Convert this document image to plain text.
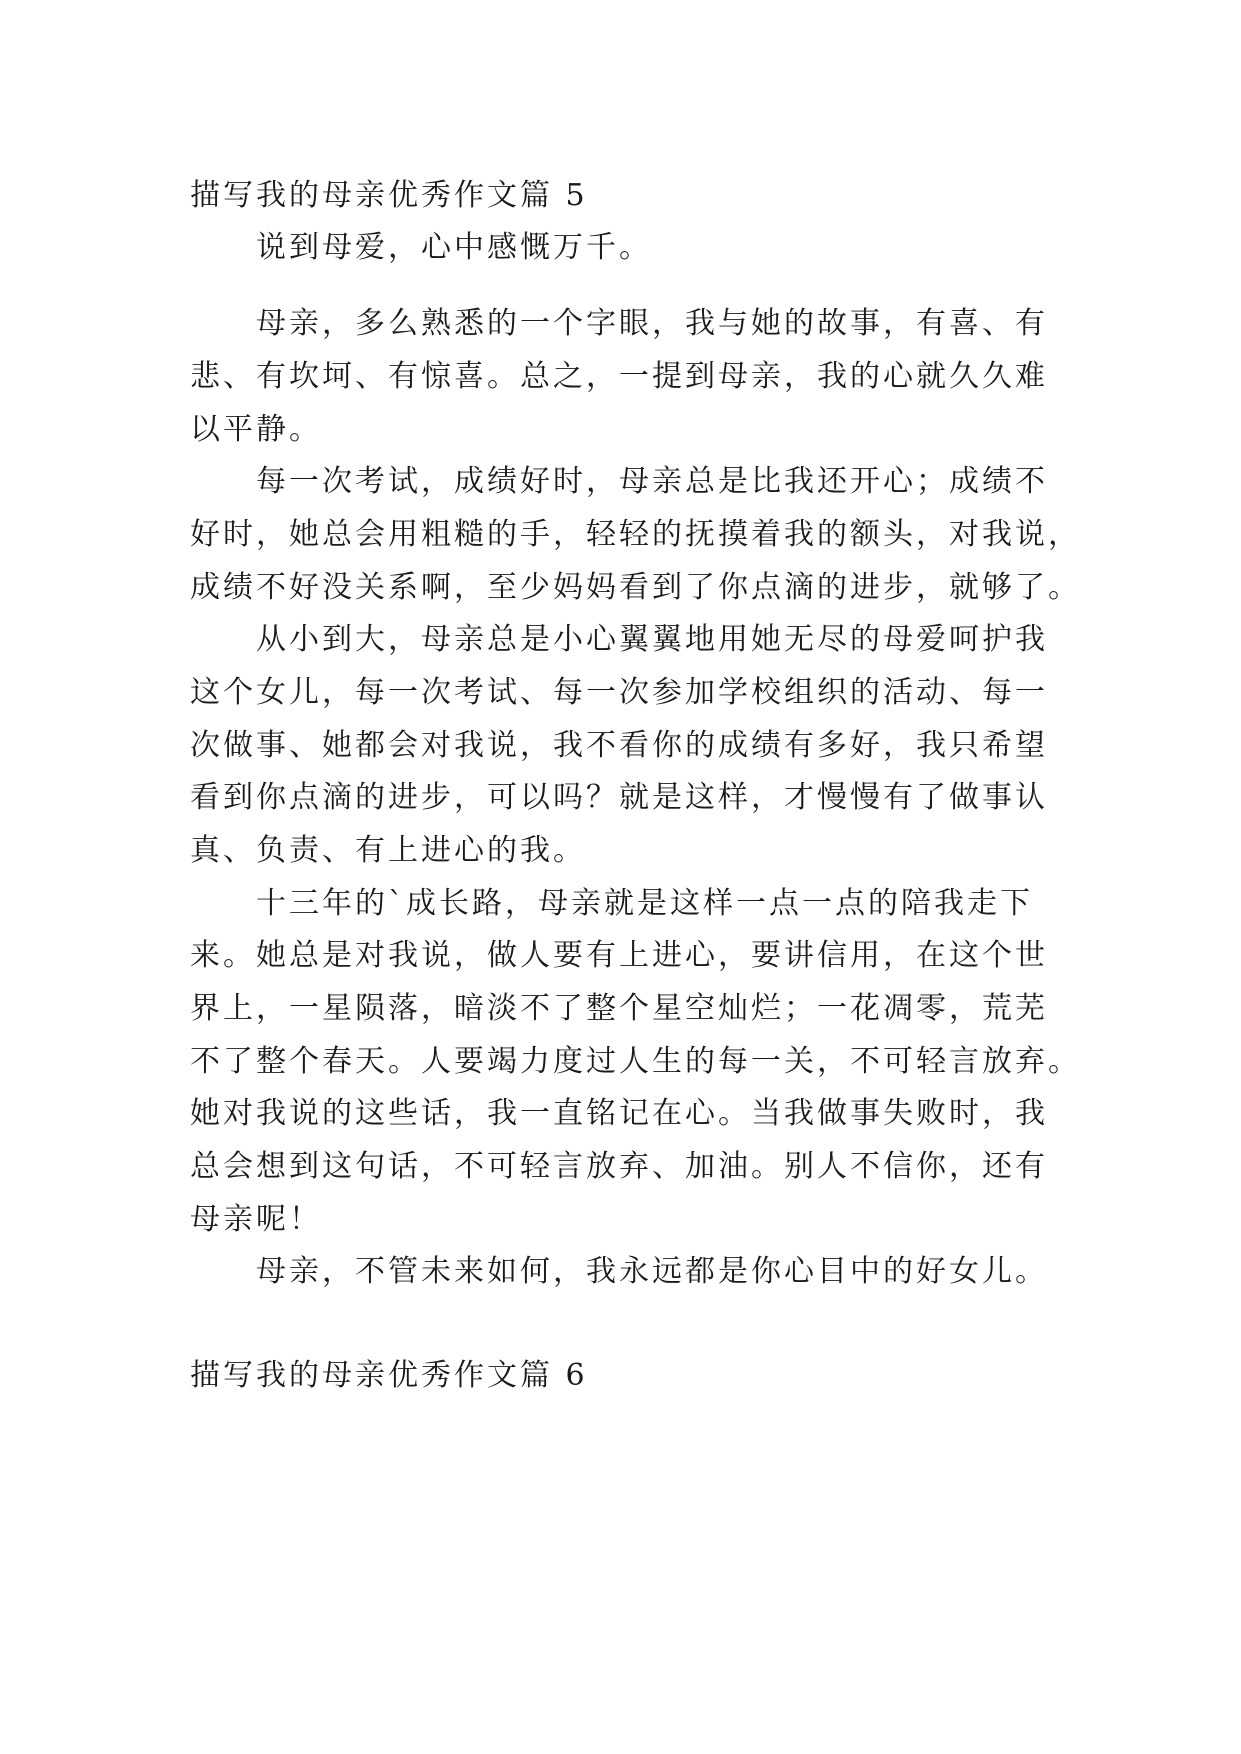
描写我的母亲优秀作文篇 5
说到母爱，心中感慨万千。
母亲，多么熟悉的一个字眼，我与她的故事，有喜、有
悲、有坎坷、有惊喜。总之，一提到母亲，我的心就久久难
以平静。
每一次考试，成绩好时，母亲总是比我还开心；成绩不
好时，她总会用粗糙的手，轻轻的抚摸着我的额头，对我说，
成绩不好没关系啊，至少妈妈看到了你点滴的进步，就够了。
从小到大，母亲总是小心翼翼地用她无尽的母爱呵护我
这个女儿，每一次考试、每一次参加学校组织的活动、每一
次做事、她都会对我说，我不看你的成绩有多好，我只希望
看到你点滴的进步，可以吗？就是这样，才慢慢有了做事认
真、负责、有上进心的我。
十三年的`成长路，母亲就是这样一点一点的陪我走下
来。她总是对我说，做人要有上进心，要讲信用，在这个世
界上，一星陨落，暗淡不了整个星空灿烂；一花凋零，荒芜
不了整个春天。人要竭力度过人生的每一关，不可轻言放弃。
她对我说的这些话，我一直铭记在心。当我做事失败时，我
总会想到这句话，不可轻言放弃、加油。别人不信你，还有
母亲呢！
母亲，不管未来如何，我永远都是你心目中的好女儿。
描写我的母亲优秀作文篇 6
